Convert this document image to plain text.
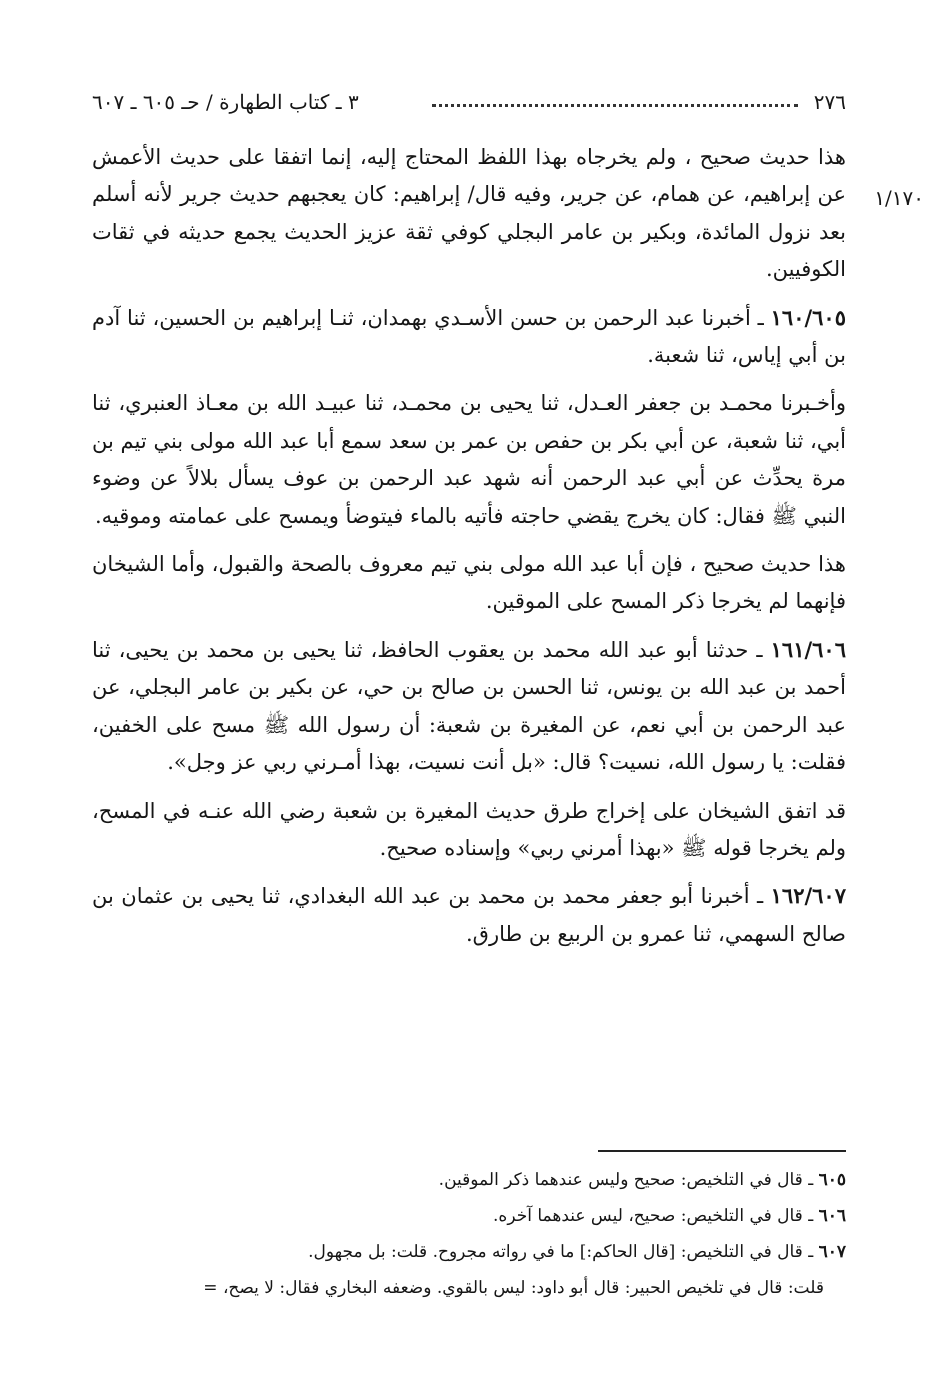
٢٧٦
٣ ـ كتاب الطهارة / حـ ٦٠٥ ـ ٦٠٧
١/١٧٠

هذا حديث صحيح ، ولم يخرجاه بهذا اللفظ المحتاج إليه، إنما اتفقا على حديث الأعمش عن إبراهيم، عن همام، عن جرير، وفيه قال/ إبراهيم: كان يعجبهم حديث جرير لأنه أسلم بعد نزول المائدة، وبكير بن عامر البجلي كوفي ثقة عزيز الحديث يجمع حديثه في ثقات الكوفيين.

١٦٠/٦٠٥ ـ أخبرنا عبد الرحمن بن حسن الأسـدي بهمدان، ثنـا إبراهيم بن الحسين، ثنا آدم بن أبي إياس، ثنا شعبة.

وأخـبرنا محمـد بن جعفر العـدل، ثنا يحيى بن محمـد، ثنا عبيـد الله بن معـاذ العنبري، ثنا أبي، ثنا شعبة، عن أبي بكر بن حفص بن عمر بن سعد سمع أبا عبد الله مولى بني تيم بن مرة يحدِّث عن أبي عبد الرحمن أنه شهد عبد الرحمن بن عوف يسأل بلالاً عن وضوء النبي ﷺ فقال: كان يخرج يقضي حاجته فأتيه بالماء فيتوضأ ويمسح على عمامته وموقيه.

هذا حديث صحيح ، فإن أبا عبد الله مولى بني تيم معروف بالصحة والقبول، وأما الشيخان فإنهما لم يخرجا ذكر المسح على الموقين.

١٦١/٦٠٦ ـ حدثنا أبو عبد الله محمد بن يعقوب الحافظ، ثنا يحيى بن محمد بن يحيى، ثنا أحمد بن عبد الله بن يونس، ثنا الحسن بن صالح بن حي، عن بكير بن عامر البجلي، عن عبد الرحمن بن أبي نعم، عن المغيرة بن شعبة: أن رسول الله ﷺ مسح على الخفين، فقلت: يا رسول الله، نسيت؟ قال: «بل أنت نسيت، بهذا أمـرني ربي عز وجل».

قد اتفق الشيخان على إخراج طرق حديث المغيرة بن شعبة رضي الله عنـه في المسح، ولم يخرجا قوله ﷺ «بهذا أمرني ربي» وإسناده صحيح.

١٦٢/٦٠٧ ـ أخبرنا أبو جعفر محمد بن محمد بن عبد الله البغدادي، ثنا يحيى بن عثمان بن صالح السهمي، ثنا عمرو بن الربيع بن طارق.

٦٠٥ ـ قال في التلخيص: صحيح وليس عندهما ذكر الموقين.

٦٠٦ ـ قال في التلخيص: صحيح، ليس عندهما آخره.

٦٠٧ ـ قال في التلخيص: [قال الحاكم:] ما في رواته مجروح. قلت: بل مجهول.

قلت: قال في تلخيص الحبير: قال أبو داود: ليس بالقوي. وضعفه البخاري فقال: لا يصح، =
